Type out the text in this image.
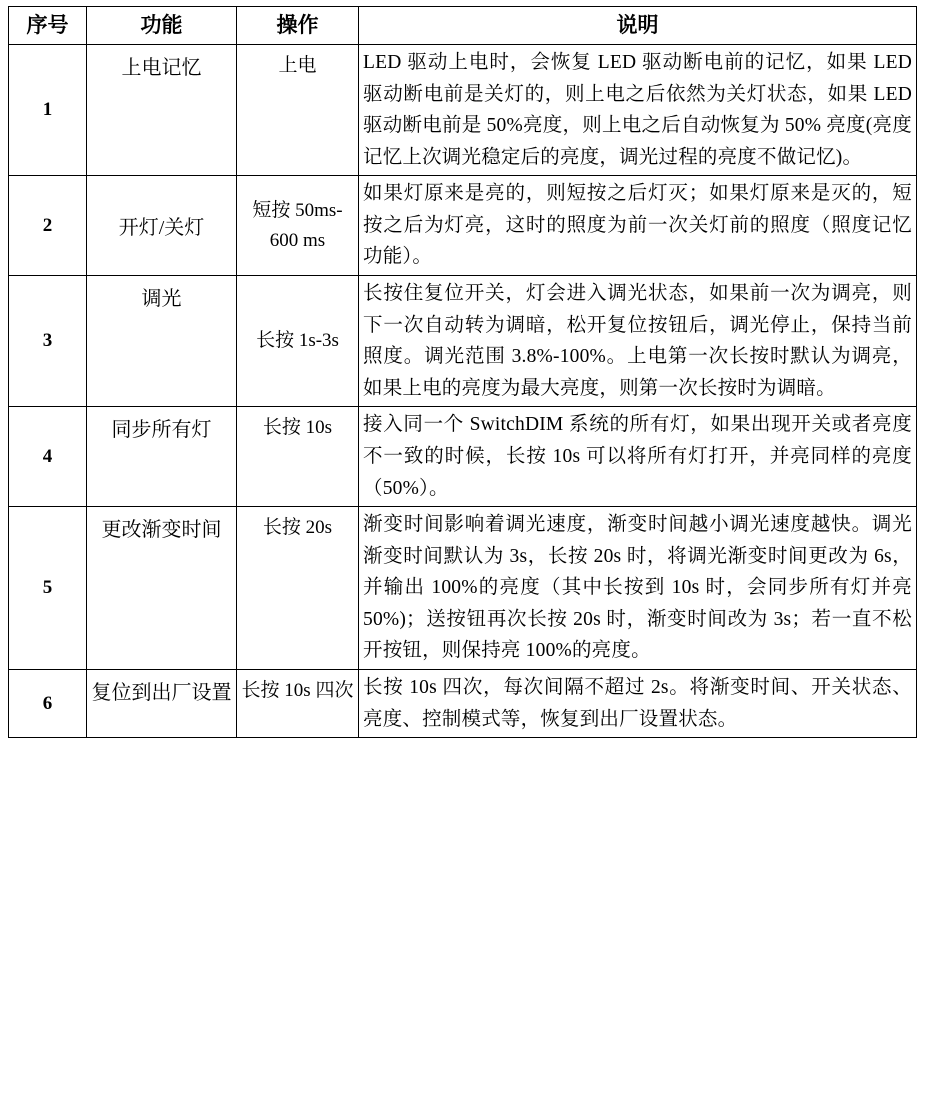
序号	功能	操作	说明
1	上电记忆	上电	LED 驱动上电时，会恢复 LED 驱动断电前的记忆，如果 LED 驱动断电前是关灯的，则上电之后依然为关灯状态，如果 LED 驱动断电前是 50%亮度，则上电之后自动恢复为 50% 亮度(亮度记忆上次调光稳定后的亮度，调光过程的亮度不做记忆)。
2	开灯/关灯	短按 50ms-600 ms	如果灯原来是亮的，则短按之后灯灭；如果灯原来是灭的，短按之后为灯亮，这时的照度为前一次关灯前的照度（照度记忆功能）。
3	调光	长按 1s-3s	长按住复位开关，灯会进入调光状态，如果前一次为调亮，则下一次自动转为调暗，松开复位按钮后，调光停止，保持当前照度。调光范围 3.8%-100%。上电第一次长按时默认为调亮，如果上电的亮度为最大亮度，则第一次长按时为调暗。
4	同步所有灯	长按 10s	接入同一个 SwitchDIM 系统的所有灯，如果出现开关或者亮度不一致的时候，长按 10s 可以将所有灯打开，并亮同样的亮度（50%）。
5	更改渐变时间	长按 20s	渐变时间影响着调光速度，渐变时间越小调光速度越快。调光渐变时间默认为 3s，长按 20s 时，将调光渐变时间更改为 6s，并输出 100%的亮度（其中长按到 10s 时，会同步所有灯并亮 50%)；送按钮再次长按 20s 时，渐变时间改为 3s；若一直不松开按钮，则保持亮 100%的亮度。
6	复位到出厂设置	长按 10s 四次	长按 10s 四次，每次间隔不超过 2s。将渐变时间、开关状态、亮度、控制模式等，恢复到出厂设置状态。
